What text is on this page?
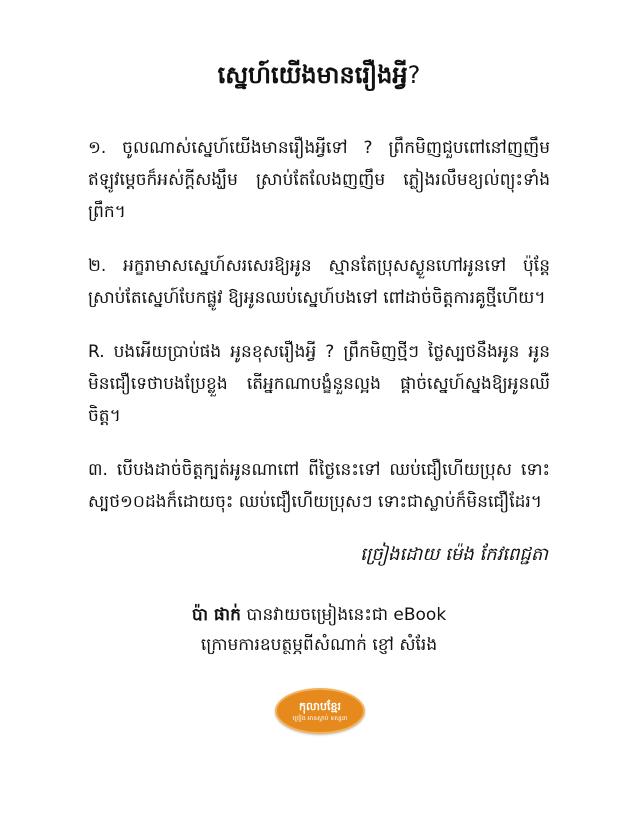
ស្នេហ៍យើងមានរឿងអ្វី?

១. ចូលណាស់ស្នេហ៍យើងមានរឿងអ្វីទៅ ? ព្រឹកមិញជួបពៅនៅញញឹម ឥឡូវម្ដេចក៏អស់ក្ដីសង្ឃឹម ស្រាប់តែលែងញញឹម ភ្លៀងរលឹមខ្យល់ព្យុះទាំងព្រឹក។

២. អក្ខរាមាសស្នេហ៍សរសេរឱ្យអូន ស្មានតែប្រុសស្ងួនហៅអូនទៅ ប៉ុន្តែស្រាប់តែស្នេហ៍បែកផ្លូវ ឱ្យអូនឈប់ស្នេហ៍បងទៅ ពៅដាច់ចិត្តការគូថ្មីហើយ។

R. បងអើយប្រាប់ផង អូនខុសរឿងអ្វី ? ព្រឹកមិញថ្មីៗ ថ្លៃស្បថនឹងអូន អូនមិនជឿទេថាបងប្រែខ្លួង តើអ្នកណាបង្ខំនួនល្អង ផ្ដាច់ស្នេហ៍ស្នងឱ្យអូនឈឺចិត្ត។

៣. បើបងដាច់ចិត្តក្បត់អូនណាពៅ ពីថ្ងៃនេះទៅ ឈប់ជឿហើយប្រុស ទោះស្បថ១០ដងក៏ដោយចុះ ឈប់ជឿហើយប្រុសៗ ទោះជាស្លាប់ក៏មិនជឿដែរ។

ច្រៀងដោយ ម៉េង កែវពេជ្ជតា
ប៉ា ផាក់ បានវាយចម្រៀងនេះជា eBook
ក្រោមការឧបត្ថម្ភពីសំណាក់ ខ្ញៅ សំរែង
កុលាបខ្មែរ
ច្រៀង អានស្តាប់ ទស្សនា
